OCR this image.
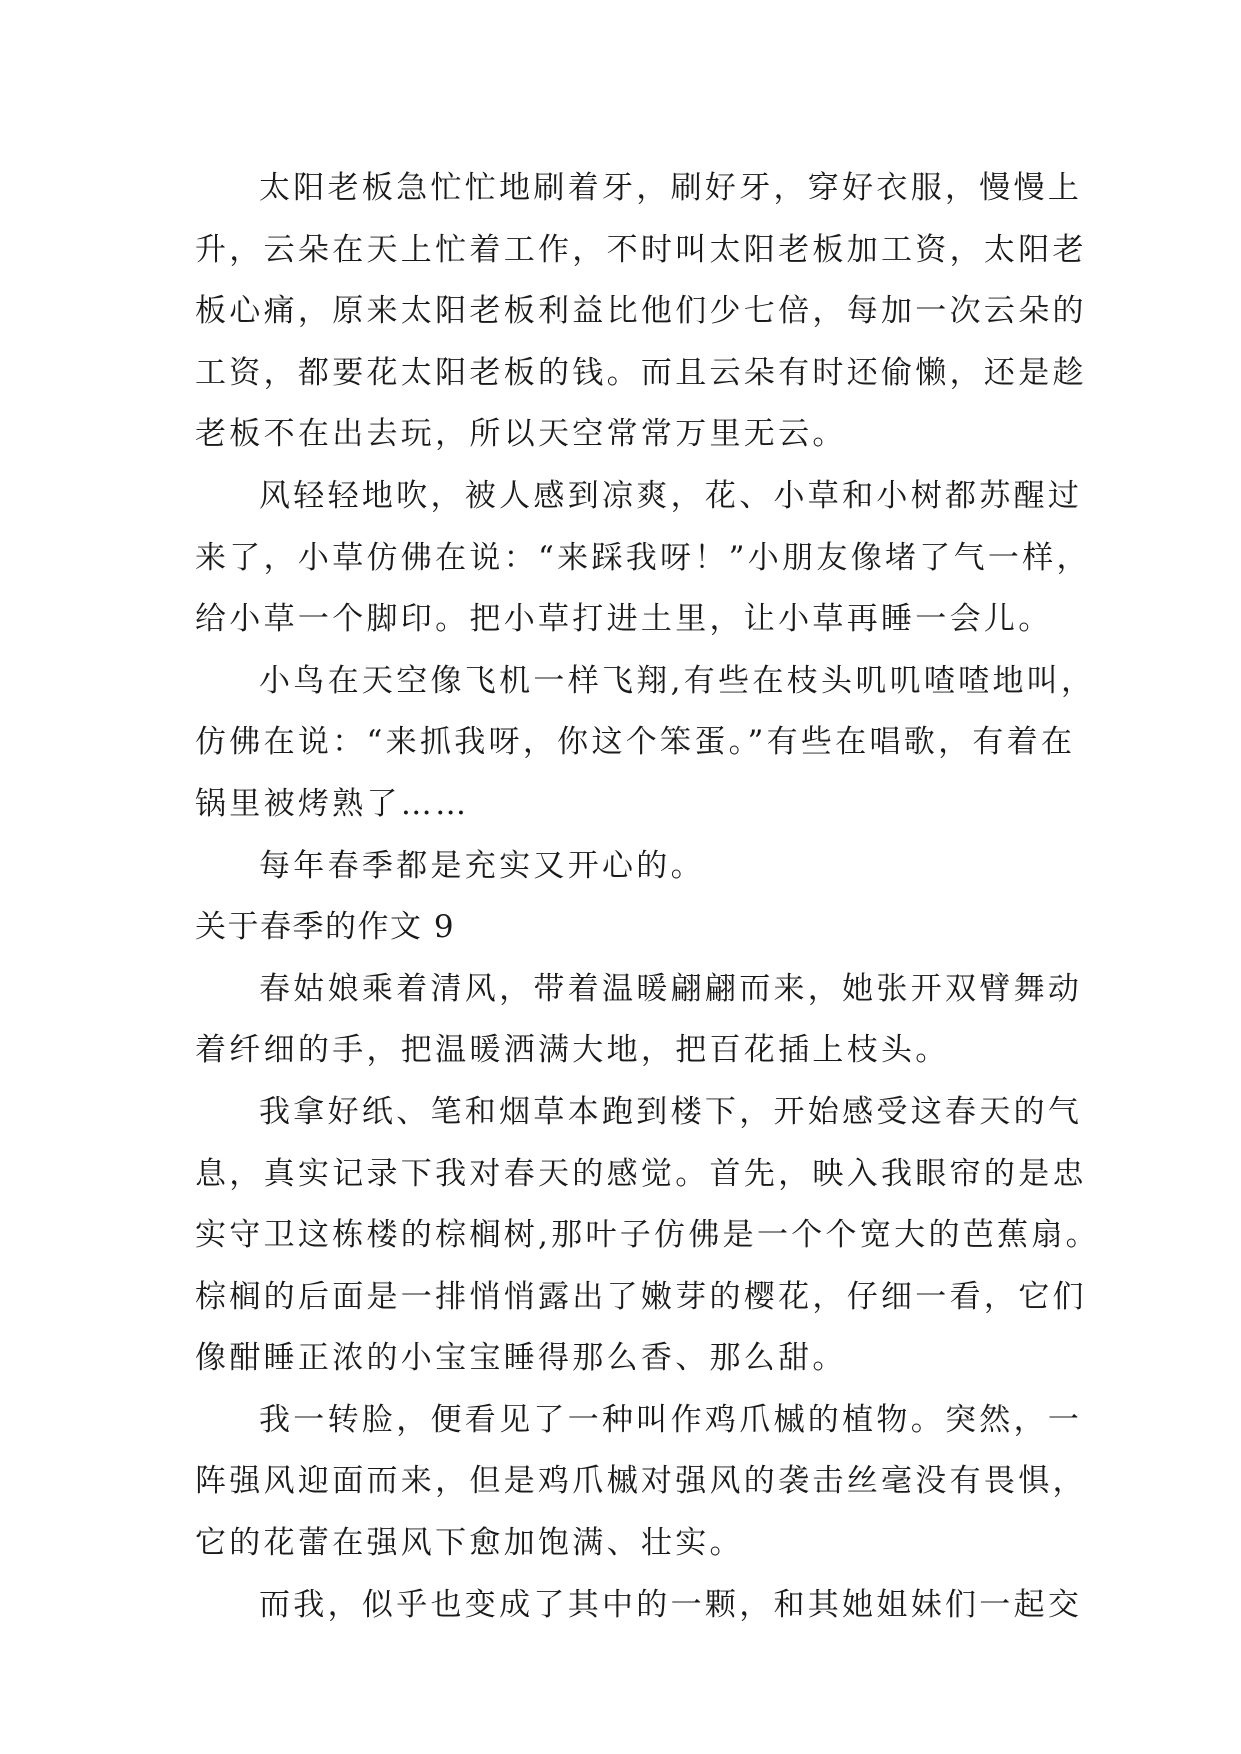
太阳老板急忙忙地刷着牙，刷好牙，穿好衣服，慢慢上
升，云朵在天上忙着工作，不时叫太阳老板加工资，太阳老
板心痛，原来太阳老板利益比他们少七倍，每加一次云朵的
工资，都要花太阳老板的钱。而且云朵有时还偷懒，还是趁
老板不在出去玩，所以天空常常万里无云。
风轻轻地吹，被人感到凉爽，花、小草和小树都苏醒过
来了，小草仿佛在说：“来踩我呀！”小朋友像堵了气一样，
给小草一个脚印。把小草打进土里，让小草再睡一会儿。
小鸟在天空像飞机一样飞翔,有些在枝头叽叽喳喳地叫，
仿佛在说：“来抓我呀，你这个笨蛋。”有些在唱歌，有着在
锅里被烤熟了……
每年春季都是充实又开心的。
关于春季的作文 9
春姑娘乘着清风，带着温暖翩翩而来，她张开双臂舞动
着纤细的手，把温暖洒满大地，把百花插上枝头。
我拿好纸、笔和烟草本跑到楼下，开始感受这春天的气
息，真实记录下我对春天的感觉。首先，映入我眼帘的是忠
实守卫这栋楼的棕榈树,那叶子仿佛是一个个宽大的芭蕉扇。
棕榈的后面是一排悄悄露出了嫩芽的樱花，仔细一看，它们
像酣睡正浓的小宝宝睡得那么香、那么甜。
我一转脸，便看见了一种叫作鸡爪槭的植物。突然，一
阵强风迎面而来，但是鸡爪槭对强风的袭击丝毫没有畏惧，
它的花蕾在强风下愈加饱满、壮实。
而我，似乎也变成了其中的一颗，和其她姐妹们一起交
